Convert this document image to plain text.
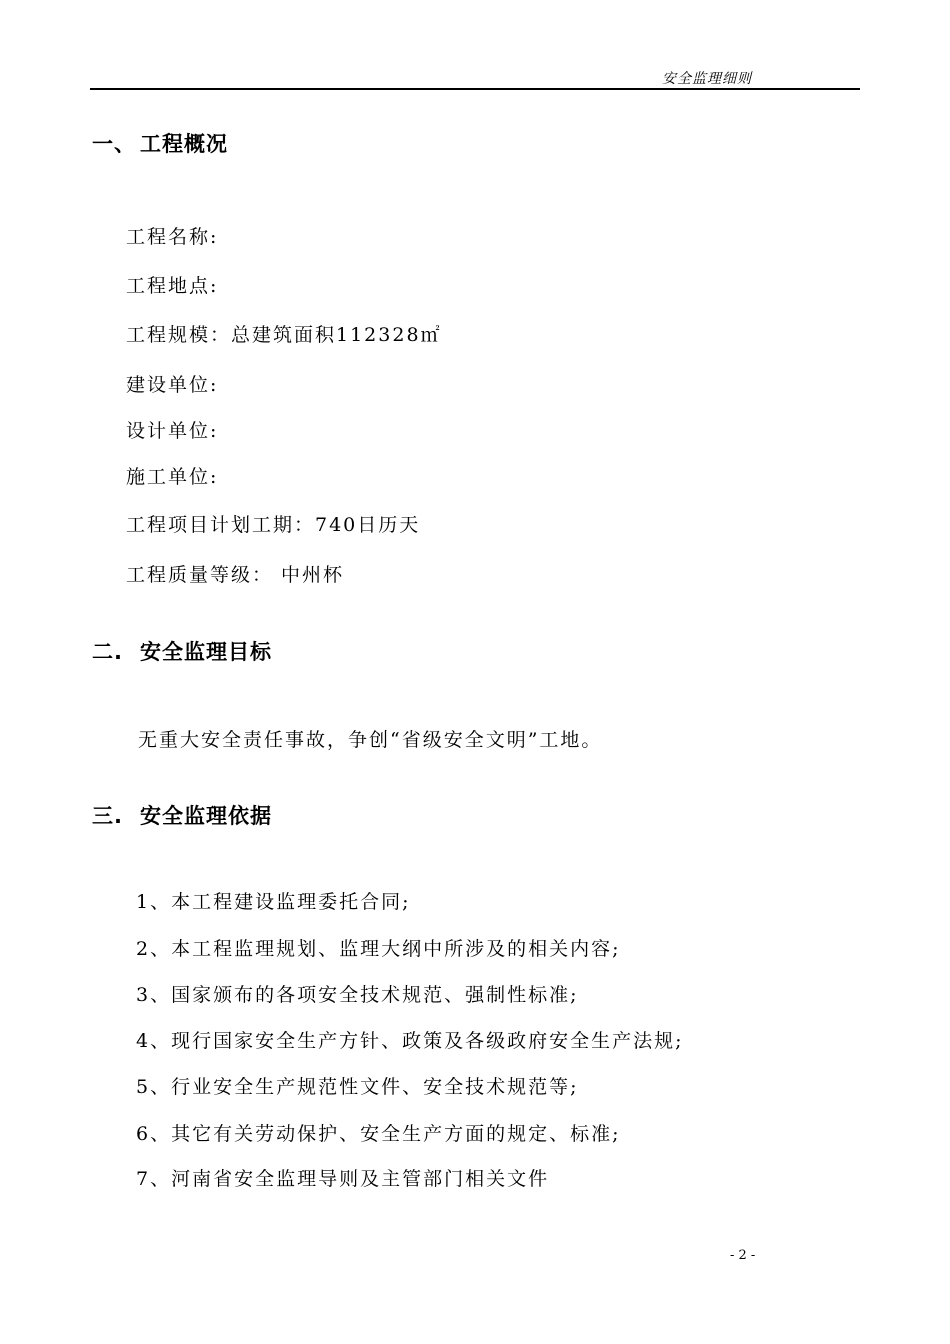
安全监理细则
一、 工程概况
工程名称:
工程地点:
工程规模：总建筑面积112328㎡
建设单位:
设计单位:
施工单位:
工程项目计划工期：740日历天
工程质量等级： 中州杯
二. 安全监理目标
无重大安全责任事故，争创“省级安全文明”工地。
三. 安全监理依据
1、本工程建设监理委托合同;
2、本工程监理规划、监理大纲中所涉及的相关内容;
3、国家颁布的各项安全技术规范、强制性标准;
4、现行国家安全生产方针、政策及各级政府安全生产法规;
5、行业安全生产规范性文件、安全技术规范等;
6、其它有关劳动保护、安全生产方面的规定、标准;
7、河南省安全监理导则及主管部门相关文件
- 2 -
